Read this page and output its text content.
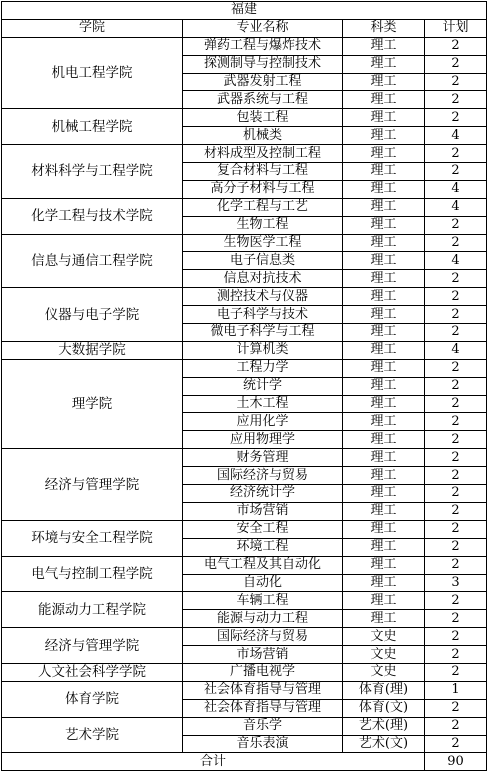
福建			
学院	专业名称	科类	计划
机电工程学院	弹药工程与爆炸技术	理工	2
	探测制导与控制技术	理工	2
	武器发射工程	理工	2
	武器系统与工程	理工	2
机械工程学院	包装工程	理工	2
	机械类	理工	4
材料科学与工程学院	材料成型及控制工程	理工	2
	复合材料与工程	理工	2
	高分子材料与工程	理工	4
化学工程与技术学院	化学工程与工艺	理工	4
	生物工程	理工	2
信息与通信工程学院	生物医学工程	理工	2
	电子信息类	理工	4
	信息对抗技术	理工	2
仪器与电子学院	测控技术与仪器	理工	2
	电子科学与技术	理工	2
	微电子科学与工程	理工	2
大数据学院	计算机类	理工	4
理学院	工程力学	理工	2
	统计学	理工	2
	土木工程	理工	2
	应用化学	理工	2
	应用物理学	理工	2
经济与管理学院	财务管理	理工	2
	国际经济与贸易	理工	2
	经济统计学	理工	2
	市场营销	理工	2
环境与安全工程学院	安全工程	理工	2
	环境工程	理工	2
电气与控制工程学院	电气工程及其自动化	理工	2
	自动化	理工	3
能源动力工程学院	车辆工程	理工	2
	能源与动力工程	理工	2
经济与管理学院	国际经济与贸易	文史	2
	市场营销	文史	2
人文社会科学学院	广播电视学	文史	2
体育学院	社会体育指导与管理	体育(理)	1
	社会体育指导与管理	体育(文)	2
艺术学院	音乐学	艺术(理)	2
	音乐表演	艺术(文)	2
合计			90
